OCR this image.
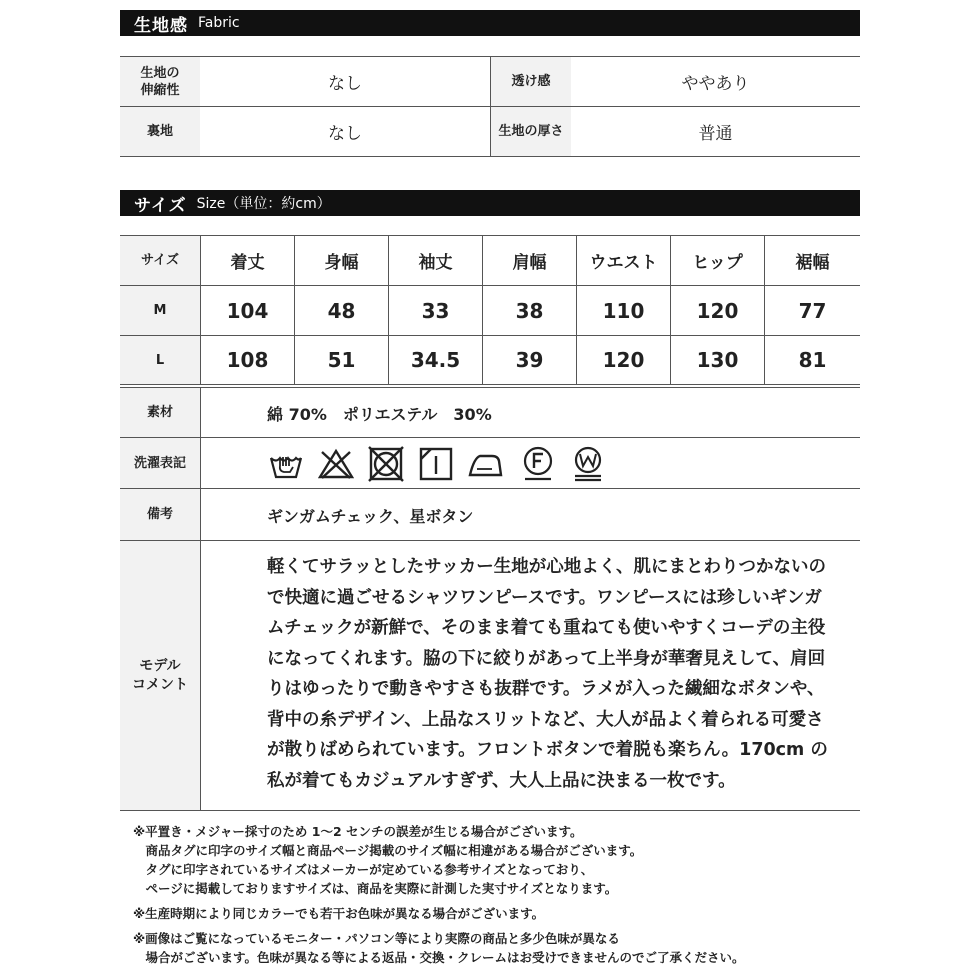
生地感 Fabric
生地の
伸縮性	なし	透け感	ややあり
裏地	なし	生地の厚さ	普通
サイズ Size（単位：約cm）
サイズ	着丈	身幅	袖丈	肩幅	ウエスト	ヒップ	裾幅
M	104	48	33	38	110	120	77
L	108	51	34.5	39	120	130	81
素材	綿 70%　ポリエステル　30%
洗濯表記
備考	ギンガムチェック、星ボタン
モデル
コメント
軽くてサラッとしたサッカー生地が心地よく、肌にまとわりつかないの
で快適に過ごせるシャツワンピースです。ワンピースには珍しいギンガ
ムチェックが新鮮で、そのまま着ても重ねても使いやすくコーデの主役
になってくれます。脇の下に絞りがあって上半身が華奢見えして、肩回
りはゆったりで動きやすさも抜群です。ラメが入った繊細なボタンや、
背中の糸デザイン、上品なスリットなど、大人が品よく着られる可愛さ
が散りばめられています。フロントボタンで着脱も楽ちん。170cm の
私が着てもカジュアルすぎず、大人上品に決まる一枚です。
※平置き・メジャー採寸のため 1〜2 センチの誤差が生じる場合がございます。
　商品タグに印字のサイズ幅と商品ページ掲載のサイズ幅に相違がある場合がございます。
　タグに印字されているサイズはメーカーが定めている参考サイズとなっており、
　ページに掲載しておりますサイズは、商品を実際に計測した実寸サイズとなります。
※生産時期により同じカラーでも若干お色味が異なる場合がございます。
※画像はご覧になっているモニター・パソコン等により実際の商品と多少色味が異なる
　場合がございます。色味が異なる等による返品・交換・クレームはお受けできませんのでご了承ください。
